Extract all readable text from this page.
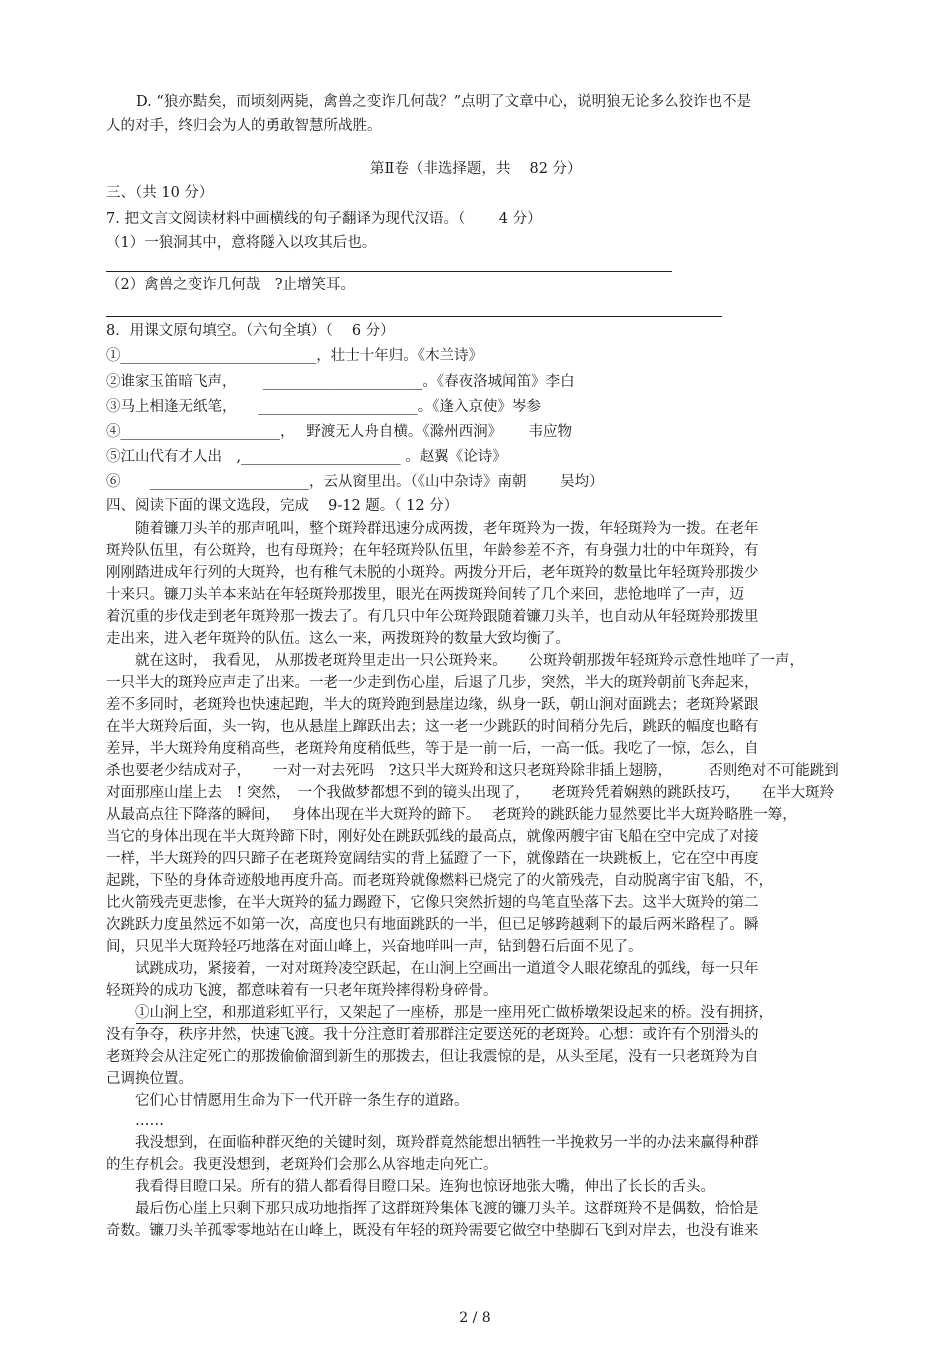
D. “狼亦黠矣，而顷刻两毙，禽兽之变诈几何哉？”点明了文章中心，说明狼无论多么狡诈也不是
人的对手，终归会为人的勇敢智慧所战胜。
第Ⅱ卷（非选择题，共　 82 分）
三、（共 10 分）
7. 把文言文阅读材料中画横线的句子翻译为现代汉语。（　　 4 分）
（1）一狼洞其中，意将隧入以攻其后也。
（2）禽兽之变诈几何哉　?止增笑耳。
8．用课文原句填空。（六句全填）（　 6 分）
①___________________________，壮士十年归。《木兰诗》
②谁家玉笛暗飞声，　　 ______________________。《春夜洛城闻笛》李白
③马上相逢无纸笔，　　______________________。《逢入京使》岑参
④______________________，　 野渡无人舟自横。《滁州西涧》　　 韦应物
⑤江山代有才人出　,______________________ 。赵翼《论诗》
⑥　　______________________，云从窗里出。（《山中杂诗》南朝　　 吴均）
四、阅读下面的课文选段，完成　 9-12 题。（ 12 分）
　　随着镰刀头羊的那声吼叫，整个斑羚群迅速分成两拨，老年斑羚为一拨，年轻斑羚为一拨。在老年
斑羚队伍里，有公斑羚，也有母斑羚；在年轻斑羚队伍里，年龄参差不齐，有身强力壮的中年斑羚，有
刚刚踏进成年行列的大斑羚，也有稚气未脱的小斑羚。两拨分开后，老年斑羚的数量比年轻斑羚那拨少
十来只。镰刀头羊本来站在年轻斑羚那拨里，眼光在两拨斑羚间转了几个来回，悲怆地咩了一声，迈
着沉重的步伐走到老年斑羚那一拨去了。有几只中年公斑羚跟随着镰刀头羊，也自动从年轻斑羚那拨里
走出来，进入老年斑羚的队伍。这么一来，两拨斑羚的数量大致均衡了。
　　就在这时， 我看见， 从那拨老斑羚里走出一只公斑羚来。　　公斑羚朝那拨年轻斑羚示意性地咩了一声，
一只半大的斑羚应声走了出来。一老一少走到伤心崖，后退了几步，突然，半大的斑羚朝前飞奔起来，
差不多同时，老斑羚也快速起跑，半大的斑羚跑到悬崖边缘，纵身一跃，朝山涧对面跳去；老斑羚紧跟
在半大斑羚后面，头一钩，也从悬崖上蹿跃出去；这一老一少跳跃的时间稍分先后，跳跃的幅度也略有
差异，半大斑羚角度稍高些，老斑羚角度稍低些，等于是一前一后，一高一低。我吃了一惊，怎么，自
杀也要老少结成对子，　　一对一对去死吗　?这只半大斑羚和这只老斑羚除非插上翅膀，　　　否则绝对不可能跳到
对面那座山崖上去　! 突然，　一个我做梦都想不到的镜头出现了，　　老斑羚凭着娴熟的跳跃技巧，　　在半大斑羚
从最高点往下降落的瞬间，　 身体出现在半大斑羚的蹄下。　 老斑羚的跳跃能力显然要比半大斑羚略胜一筹，
当它的身体出现在半大斑羚蹄下时，刚好处在跳跃弧线的最高点，就像两艘宇宙飞船在空中完成了对接
一样，半大斑羚的四只蹄子在老斑羚宽阔结实的背上猛蹬了一下，就像踏在一块跳板上，它在空中再度
起跳，下坠的身体奇迹般地再度升高。而老斑羚就像燃料已烧完了的火箭残壳，自动脱离宇宙飞船，不，
比火箭残壳更悲惨，在半大斑羚的猛力踢蹬下，它像只突然折翅的鸟笔直坠落下去。这半大斑羚的第二
次跳跃力度虽然远不如第一次，高度也只有地面跳跃的一半，但已足够跨越剩下的最后两米路程了。瞬
间，只见半大斑羚轻巧地落在对面山峰上，兴奋地咩叫一声，钻到磐石后面不见了。
　　试跳成功，紧接着，一对对斑羚凌空跃起，在山涧上空画出一道道令人眼花缭乱的弧线，每一只年
轻斑羚的成功飞渡，都意味着有一只老年斑羚摔得粉身碎骨。
　　①山涧上空，和那道彩虹平行，又架起了一座桥，那是一座用死亡做桥墩架设起来的桥。没有拥挤，
没有争夺，秩序井然，快速飞渡。我十分注意盯着那群注定要送死的老斑羚。心想：或许有个别滑头的
老斑羚会从注定死亡的那拨偷偷溜到新生的那拨去，但让我震惊的是，从头至尾，没有一只老斑羚为自
己调换位置。
　　它们心甘情愿用生命为下一代开辟一条生存的道路。
　　……
　　我没想到，在面临种群灭绝的关键时刻，斑羚群竟然能想出牺牲一半挽救另一半的办法来赢得种群
的生存机会。我更没想到，老斑羚们会那么从容地走向死亡。
　　我看得目瞪口呆。所有的猎人都看得目瞪口呆。连狗也惊讶地张大嘴，伸出了长长的舌头。
　　最后伤心崖上只剩下那只成功地指挥了这群斑羚集体飞渡的镰刀头羊。这群斑羚不是偶数，恰恰是
奇数。镰刀头羊孤零零地站在山峰上，既没有年轻的斑羚需要它做空中垫脚石飞到对岸去，也没有谁来
2 / 8
